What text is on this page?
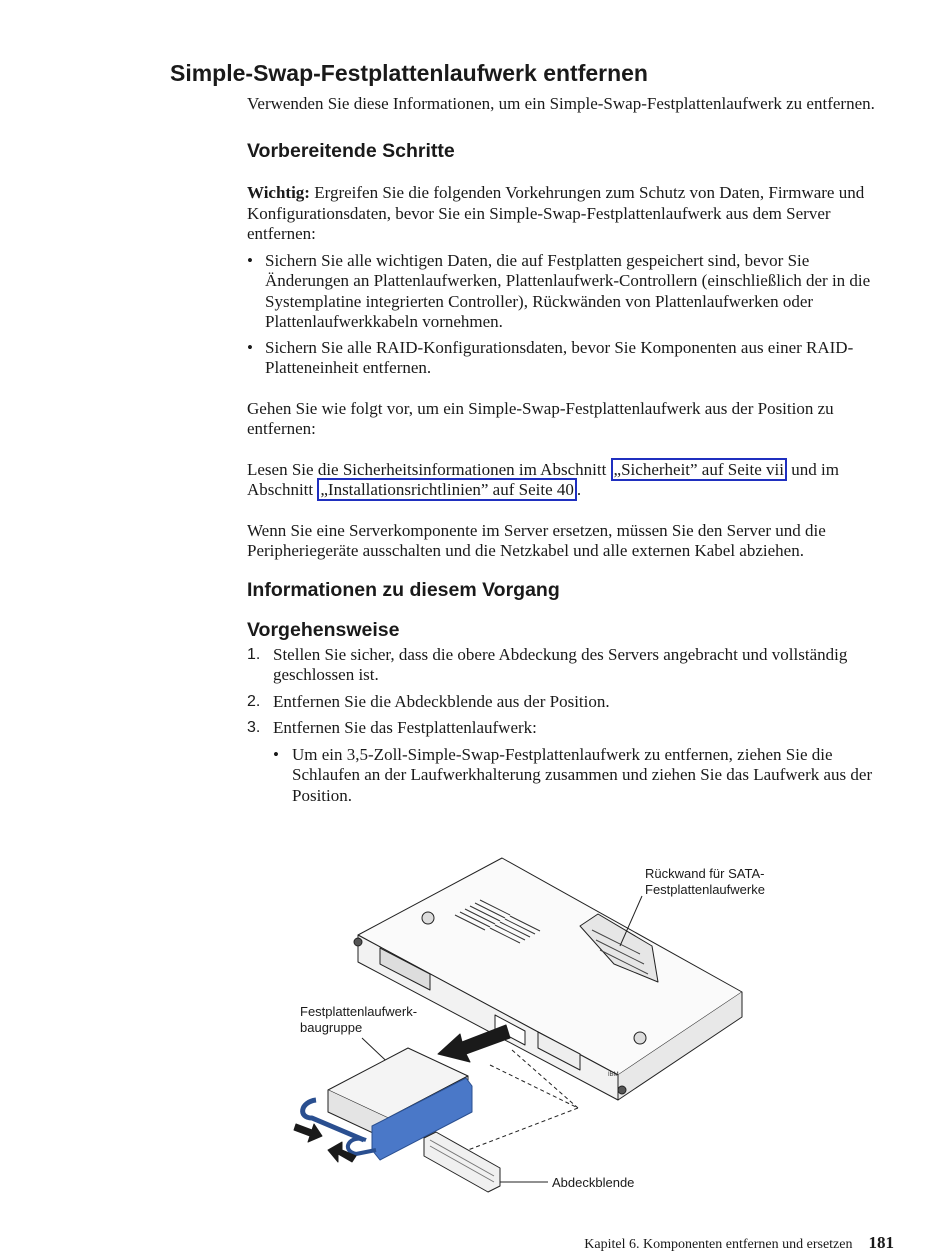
Simple-Swap-Festplattenlaufwerk entfernen

Verwenden Sie diese Informationen, um ein Simple-Swap-Festplattenlaufwerk zu entfernen.

Vorbereitende Schritte

Wichtig: Ergreifen Sie die folgenden Vorkehrungen zum Schutz von Daten, Firmware und Konfigurationsdaten, bevor Sie ein Simple-Swap-Festplattenlaufwerk aus dem Server entfernen:

• Sichern Sie alle wichtigen Daten, die auf Festplatten gespeichert sind, bevor Sie Änderungen an Plattenlaufwerken, Plattenlaufwerk-Controllern (einschließlich der in die Systemplatine integrierten Controller), Rückwänden von Plattenlaufwerken oder Plattenlaufwerkkabeln vornehmen.
• Sichern Sie alle RAID-Konfigurationsdaten, bevor Sie Komponenten aus einer RAID-Platteneinheit entfernen.

Gehen Sie wie folgt vor, um ein Simple-Swap-Festplattenlaufwerk aus der Position zu entfernen:

Lesen Sie die Sicherheitsinformationen im Abschnitt „Sicherheit” auf Seite vii und im Abschnitt „Installationsrichtlinien” auf Seite 40 .

Wenn Sie eine Serverkomponente im Server ersetzen, müssen Sie den Server und die Peripheriegeräte ausschalten und die Netzkabel und alle externen Kabel abziehen.

Informationen zu diesem Vorgang
Vorgehensweise
1. Stellen Sie sicher, dass die obere Abdeckung des Servers angebracht und vollständig geschlossen ist.
2. Entfernen Sie die Abdeckblende aus der Position.
3. Entfernen Sie das Festplattenlaufwerk:
• Um ein 3,5-Zoll-Simple-Swap-Festplattenlaufwerk zu entfernen, ziehen Sie die Schlaufen an der Laufwerkhalterung zusammen und ziehen Sie das Laufwerk aus der Position.
IBM
Rückwand für SATA-
Festplattenlaufwerke
Festplattenlaufwerk-
baugruppe
Abdeckblende
Kapitel 6. Komponenten entfernen und ersetzen 181
